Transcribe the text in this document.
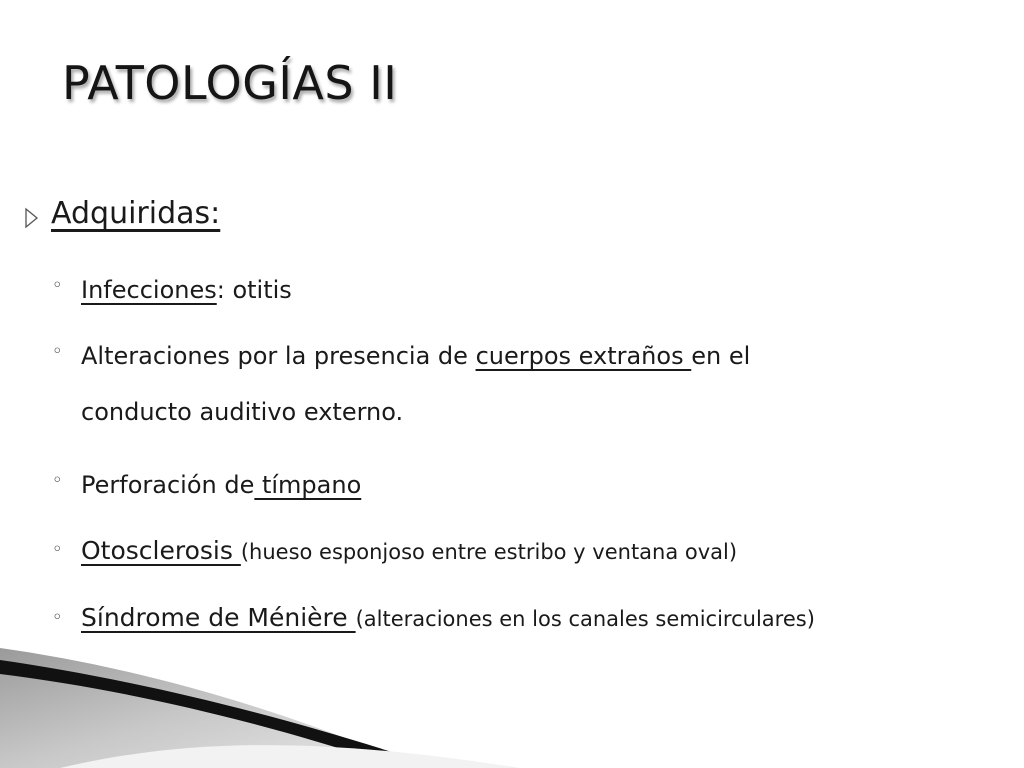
PATOLOGÍAS II
Adquiridas:
◦ Infecciones: otitis
◦ Alteraciones por la presencia de cuerpos extraños en el
conducto auditivo externo.
◦ Perforación de tímpano
◦ Otosclerosis (hueso esponjoso entre estribo y ventana oval)
◦ Síndrome de Ménière (alteraciones en los canales semicirculares)
